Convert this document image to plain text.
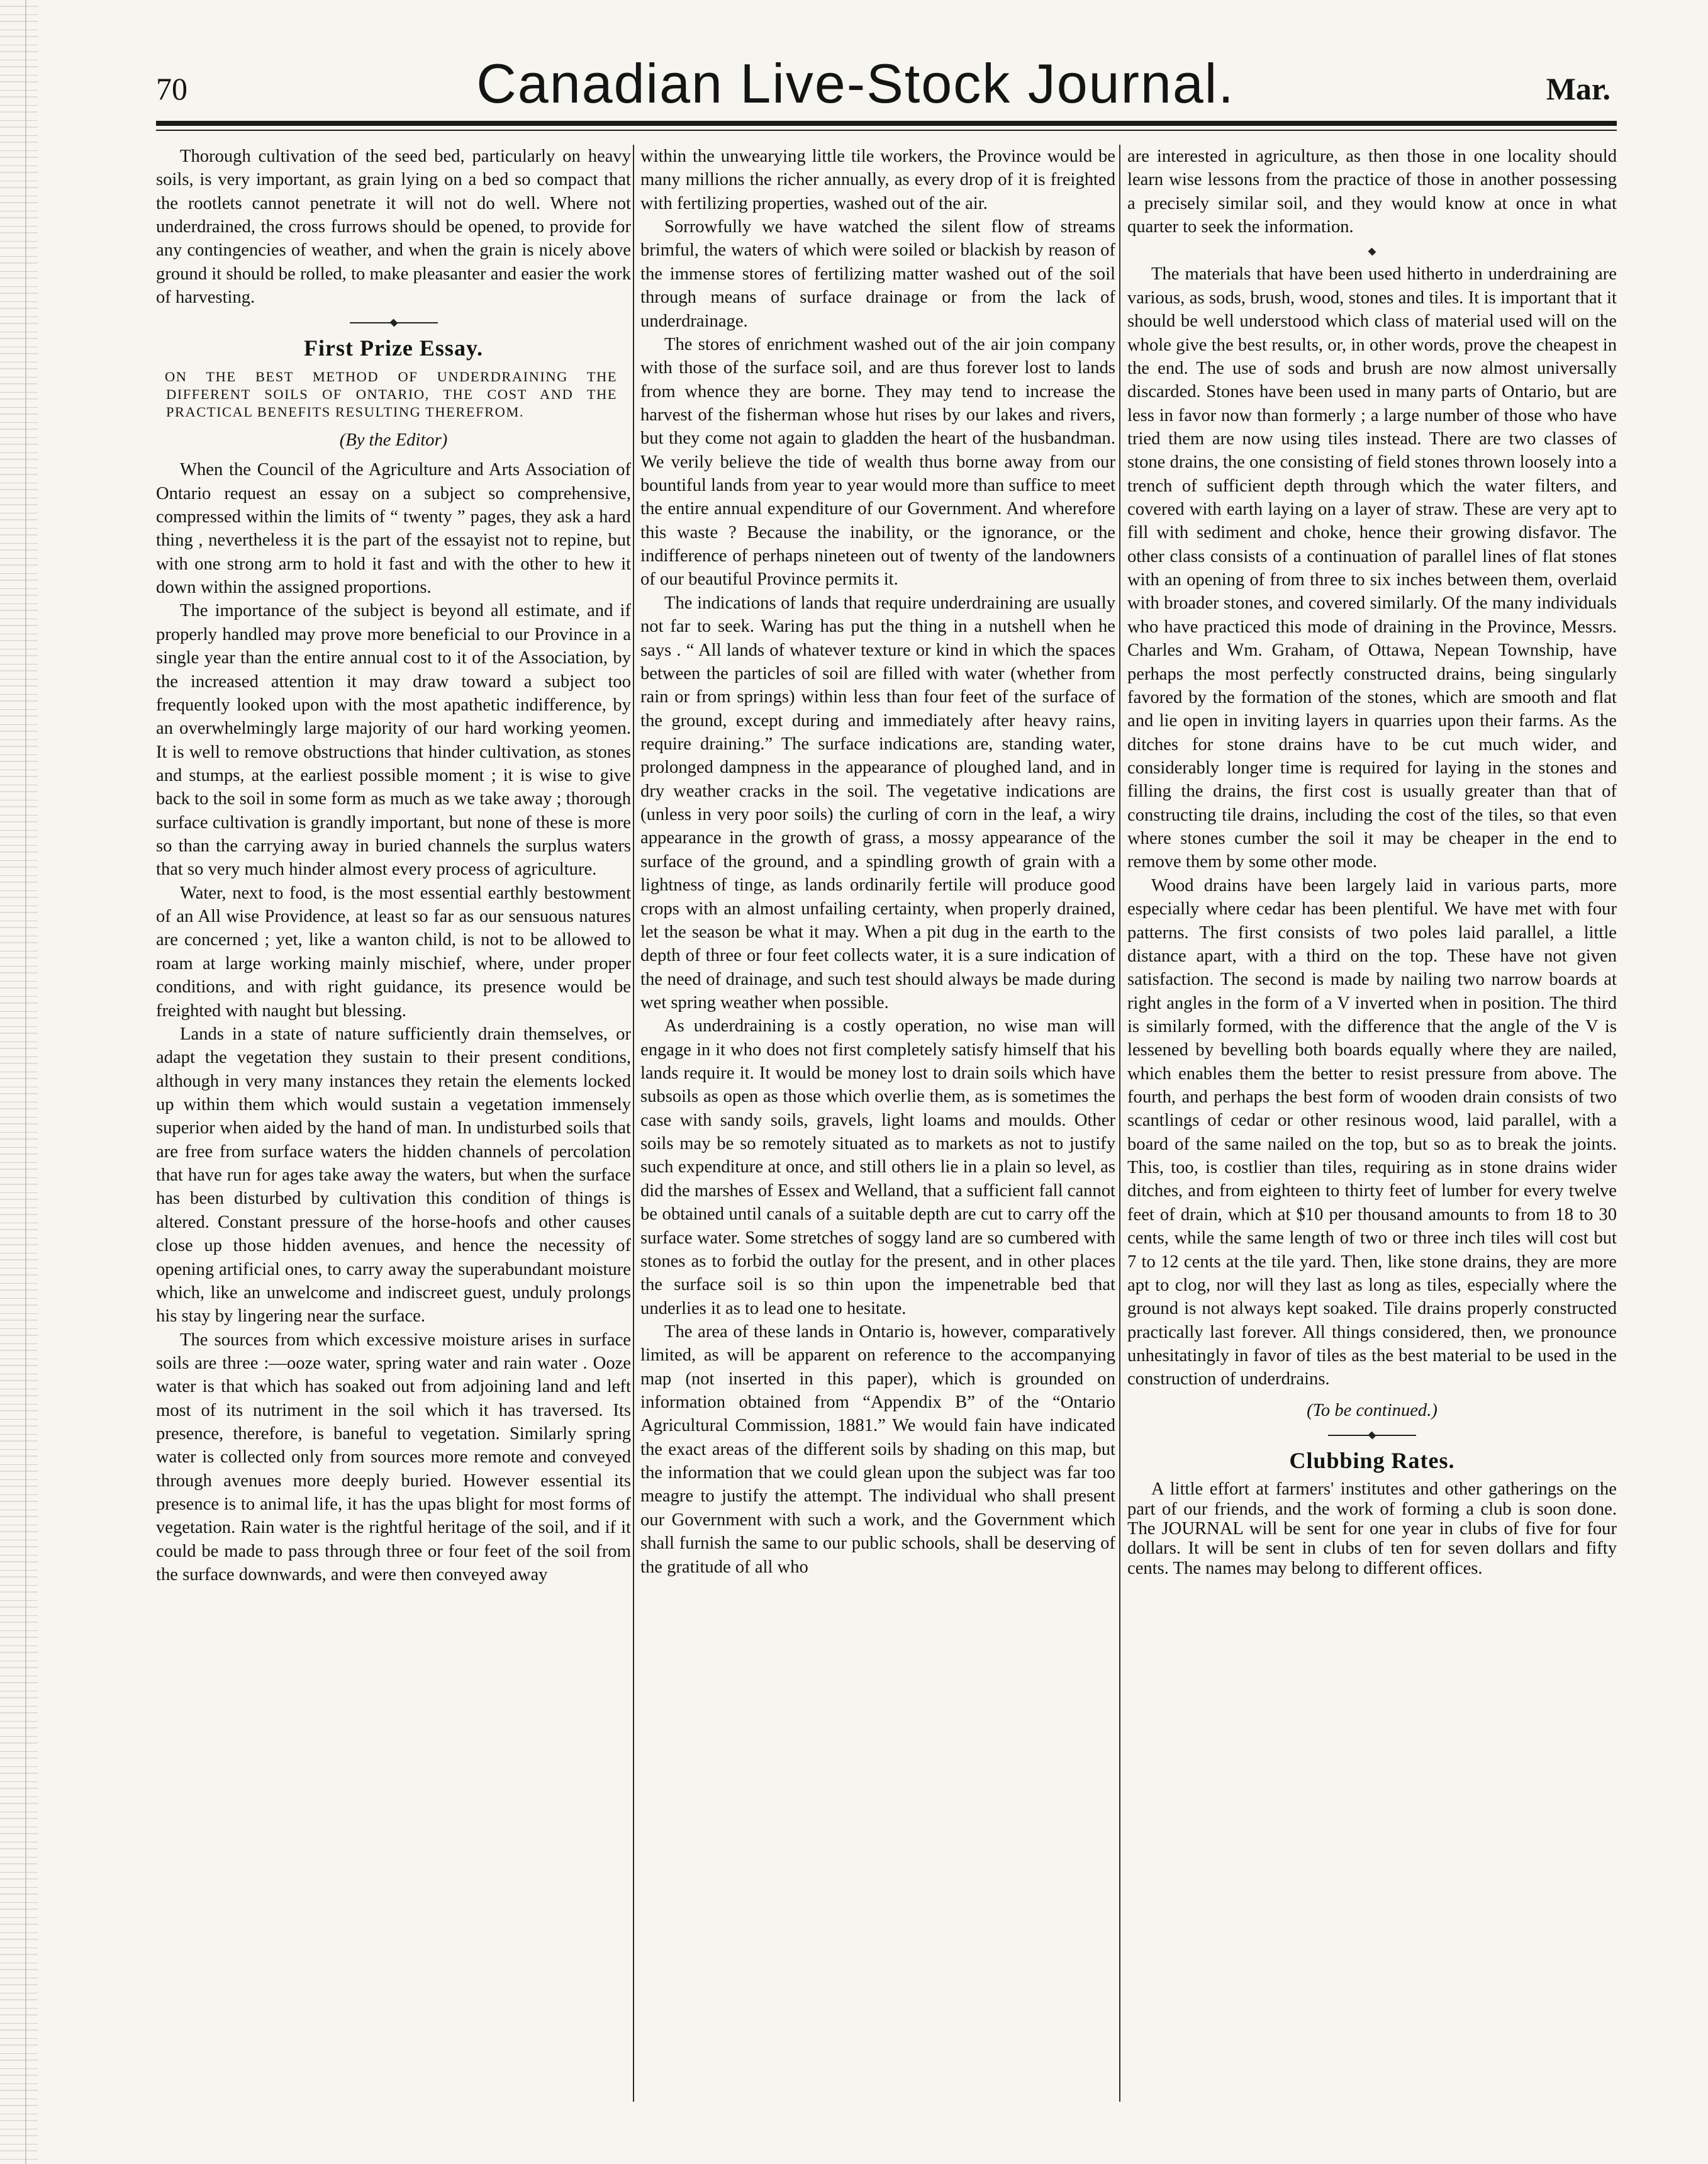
70	Canadian Live-Stock Journal.	Mar.

Thorough cultivation of the seed bed, particularly on heavy soils, is very important, as grain lying on a bed so compact that the rootlets cannot penetrate it will not do well. Where not underdrained, the cross furrows should be opened, to provide for any contingencies of weather, and when the grain is nicely above ground it should be rolled, to make pleasanter and easier the work of harvesting.

First Prize Essay.
ON THE BEST METHOD OF UNDERDRAINING THE DIFFERENT SOILS OF ONTARIO, THE COST AND THE PRACTICAL BENEFITS RESULTING THEREFROM.
(By the Editor)

When the Council of the Agriculture and Arts Association of Ontario request an essay on a subject so comprehensive, compressed within the limits of “ twenty ” pages, they ask a hard thing , nevertheless it is the part of the essayist not to repine, but with one strong arm to hold it fast and with the other to hew it down within the assigned proportions.

The importance of the subject is beyond all estimate, and if properly handled may prove more beneficial to our Province in a single year than the entire annual cost to it of the Association, by the increased attention it may draw toward a subject too frequently looked upon with the most apathetic indifference, by an overwhelmingly large majority of our hard working yeomen. It is well to remove obstructions that hinder cultivation, as stones and stumps, at the earliest possible moment ; it is wise to give back to the soil in some form as much as we take away ; thorough surface cultivation is grandly important, but none of these is more so than the carrying away in buried channels the surplus waters that so very much hinder almost every process of agriculture.

Water, next to food, is the most essential earthly bestowment of an All wise Providence, at least so far as our sensuous natures are concerned ; yet, like a wanton child, is not to be allowed to roam at large working mainly mischief, where, under proper conditions, and with right guidance, its presence would be freighted with naught but blessing.

Lands in a state of nature sufficiently drain themselves, or adapt the vegetation they sustain to their present conditions, although in very many instances they retain the elements locked up within them which would sustain a vegetation immensely superior when aided by the hand of man. In undisturbed soils that are free from surface waters the hidden channels of percolation that have run for ages take away the waters, but when the surface has been disturbed by cultivation this condition of things is altered. Constant pressure of the horse-hoofs and other causes close up those hidden avenues, and hence the necessity of opening artificial ones, to carry away the superabundant moisture which, like an unwelcome and indiscreet guest, unduly prolongs his stay by lingering near the surface.

The sources from which excessive moisture arises in surface soils are three :—ooze water, spring water and rain water . Ooze water is that which has soaked out from adjoining land and left most of its nutriment in the soil which it has traversed. Its presence, therefore, is baneful to vegetation. Similarly spring water is collected only from sources more remote and conveyed through avenues more deeply buried. However essential its presence is to animal life, it has the upas blight for most forms of vegetation. Rain water is the rightful heritage of the soil, and if it could be made to pass through three or four feet of the soil from the surface downwards, and were then conveyed away

within the unwearying little tile workers, the Province would be many millions the richer annually, as every drop of it is freighted with fertilizing properties, washed out of the air.

Sorrowfully we have watched the silent flow of streams brimful, the waters of which were soiled or blackish by reason of the immense stores of fertilizing matter washed out of the soil through means of surface drainage or from the lack of underdrainage.

The stores of enrichment washed out of the air join company with those of the surface soil, and are thus forever lost to lands from whence they are borne. They may tend to increase the harvest of the fisherman whose hut rises by our lakes and rivers, but they come not again to gladden the heart of the husbandman. We verily believe the tide of wealth thus borne away from our bountiful lands from year to year would more than suffice to meet the entire annual expenditure of our Government. And wherefore this waste ? Because the inability, or the ignorance, or the indifference of perhaps nineteen out of twenty of the landowners of our beautiful Province permits it.

The indications of lands that require underdraining are usually not far to seek. Waring has put the thing in a nutshell when he says . “ All lands of whatever texture or kind in which the spaces between the particles of soil are filled with water (whether from rain or from springs) within less than four feet of the surface of the ground, except during and immediately after heavy rains, require draining.” The surface indications are, standing water, prolonged dampness in the appearance of ploughed land, and in dry weather cracks in the soil. The vegetative indications are (unless in very poor soils) the curling of corn in the leaf, a wiry appearance in the growth of grass, a mossy appearance of the surface of the ground, and a spindling growth of grain with a lightness of tinge, as lands ordinarily fertile will produce good crops with an almost unfailing certainty, when properly drained, let the season be what it may. When a pit dug in the earth to the depth of three or four feet collects water, it is a sure indication of the need of drainage, and such test should always be made during wet spring weather when possible.

As underdraining is a costly operation, no wise man will engage in it who does not first completely satisfy himself that his lands require it. It would be money lost to drain soils which have subsoils as open as those which overlie them, as is sometimes the case with sandy soils, gravels, light loams and moulds. Other soils may be so remotely situated as to markets as not to justify such expenditure at once, and still others lie in a plain so level, as did the marshes of Essex and Welland, that a sufficient fall cannot be obtained until canals of a suitable depth are cut to carry off the surface water. Some stretches of soggy land are so cumbered with stones as to forbid the outlay for the present, and in other places the surface soil is so thin upon the impenetrable bed that underlies it as to lead one to hesitate.

The area of these lands in Ontario is, however, comparatively limited, as will be apparent on reference to the accompanying map (not inserted in this paper), which is grounded on information obtained from “Appendix B” of the “Ontario Agricultural Commission, 1881.” We would fain have indicated the exact areas of the different soils by shading on this map, but the information that we could glean upon the subject was far too meagre to justify the attempt. The individual who shall present our Government with such a work, and the Government which shall furnish the same to our public schools, shall be deserving of the gratitude of all who

are interested in agriculture, as then those in one locality should learn wise lessons from the practice of those in another possessing a precisely similar soil, and they would know at once in what quarter to seek the information.

The materials that have been used hitherto in underdraining are various, as sods, brush, wood, stones and tiles. It is important that it should be well understood which class of material used will on the whole give the best results, or, in other words, prove the cheapest in the end. The use of sods and brush are now almost universally discarded. Stones have been used in many parts of Ontario, but are less in favor now than formerly ; a large number of those who have tried them are now using tiles instead. There are two classes of stone drains, the one consisting of field stones thrown loosely into a trench of sufficient depth through which the water filters, and covered with earth laying on a layer of straw. These are very apt to fill with sediment and choke, hence their growing disfavor. The other class consists of a continuation of parallel lines of flat stones with an opening of from three to six inches between them, overlaid with broader stones, and covered similarly. Of the many individuals who have practiced this mode of draining in the Province, Messrs. Charles and Wm. Graham, of Ottawa, Nepean Township, have perhaps the most perfectly constructed drains, being singularly favored by the formation of the stones, which are smooth and flat and lie open in inviting layers in quarries upon their farms. As the ditches for stone drains have to be cut much wider, and considerably longer time is required for laying in the stones and filling the drains, the first cost is usually greater than that of constructing tile drains, including the cost of the tiles, so that even where stones cumber the soil it may be cheaper in the end to remove them by some other mode.

Wood drains have been largely laid in various parts, more especially where cedar has been plentiful. We have met with four patterns. The first consists of two poles laid parallel, a little distance apart, with a third on the top. These have not given satisfaction. The second is made by nailing two narrow boards at right angles in the form of a V inverted when in position. The third is similarly formed, with the difference that the angle of the V is lessened by bevelling both boards equally where they are nailed, which enables them the better to resist pressure from above. The fourth, and perhaps the best form of wooden drain consists of two scantlings of cedar or other resinous wood, laid parallel, with a board of the same nailed on the top, but so as to break the joints. This, too, is costlier than tiles, requiring as in stone drains wider ditches, and from eighteen to thirty feet of lumber for every twelve feet of drain, which at $10 per thousand amounts to from 18 to 30 cents, while the same length of two or three inch tiles will cost but 7 to 12 cents at the tile yard. Then, like stone drains, they are more apt to clog, nor will they last as long as tiles, especially where the ground is not always kept soaked. Tile drains properly constructed practically last forever. All things considered, then, we pronounce unhesitatingly in favor of tiles as the best material to be used in the construction of underdrains.

(To be continued.)
Clubbing Rates.

A little effort at farmers' institutes and other gatherings on the part of our friends, and the work of forming a club is soon done. The JOURNAL will be sent for one year in clubs of five for four dollars. It will be sent in clubs of ten for seven dollars and fifty cents. The names may belong to different offices.
